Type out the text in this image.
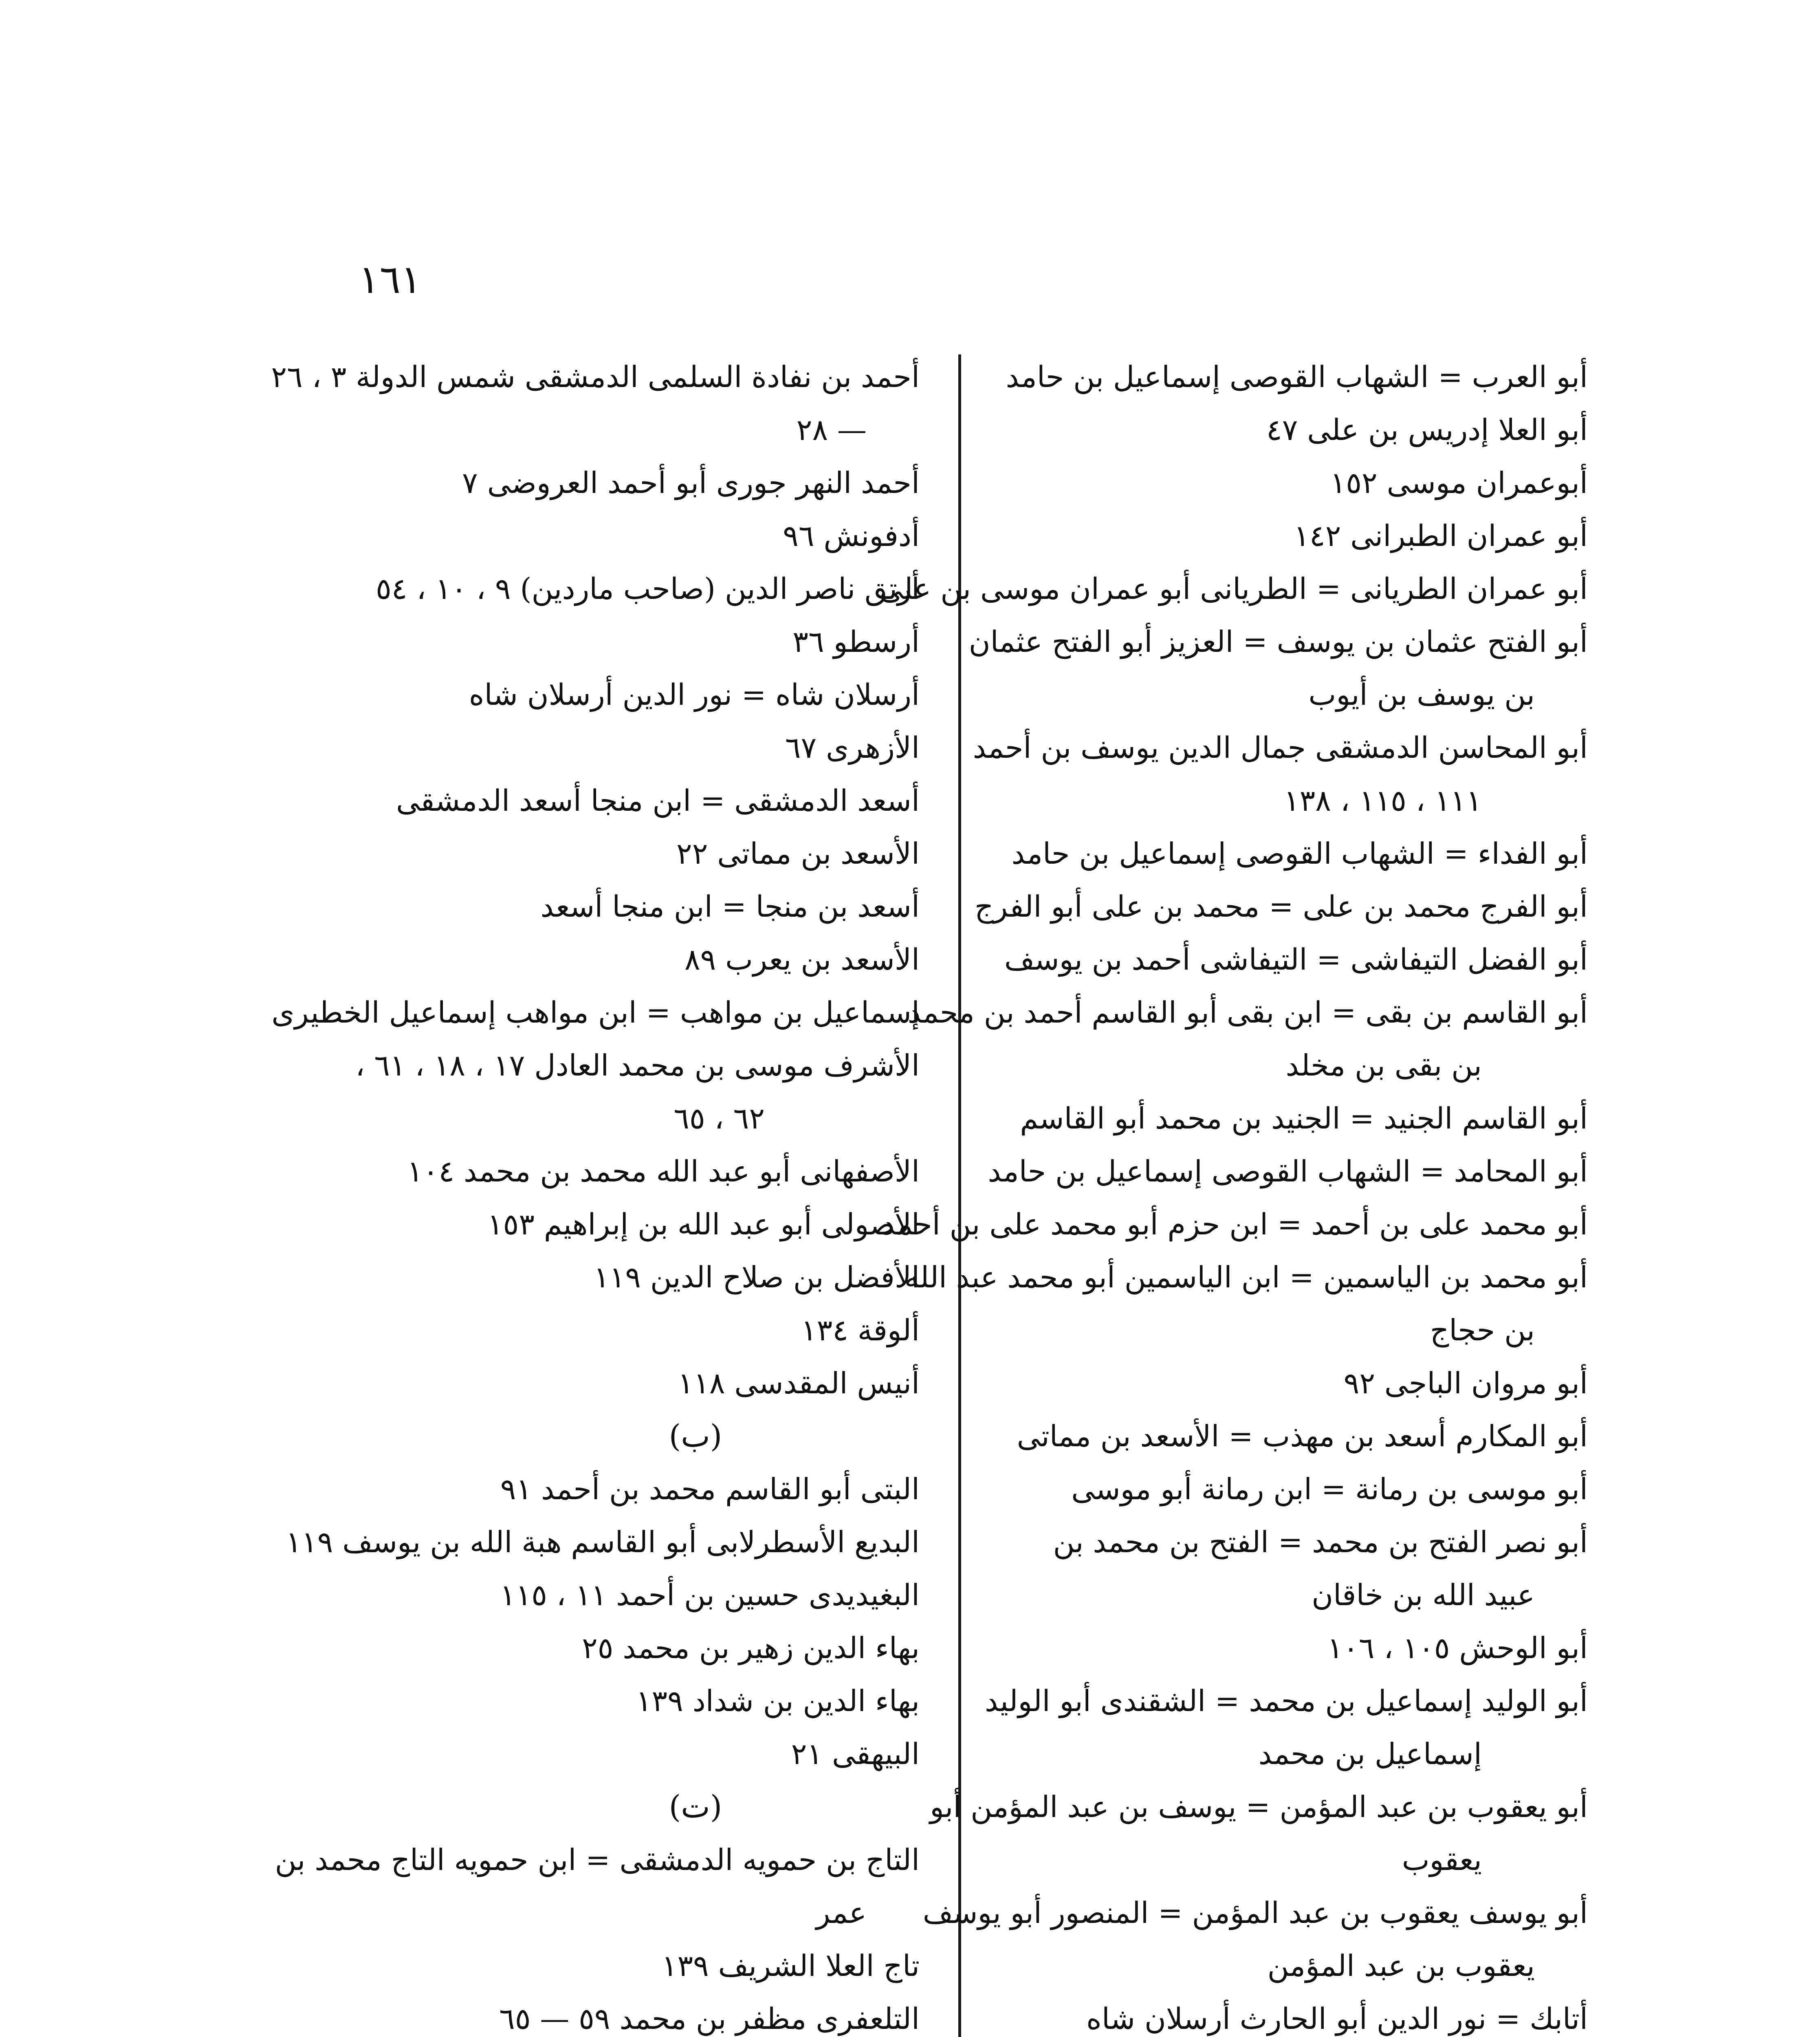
١٦١
أبو العرب = الشهاب القوصى إسماعيل بن حامد
أبو العلا إدريس بن على ٤٧
أبوعمران موسى ١٥٢
أبو عمران الطبرانى ١٤٢
أبو عمران الطريانى = الطريانى أبو عمران موسى بن على
أبو الفتح عثمان بن يوسف = العزيز أبو الفتح عثمان
بن يوسف بن أيوب
أبو المحاسن الدمشقى جمال الدين يوسف بن أحمد
١١١ ، ١١٥ ، ١٣٨
أبو الفداء = الشهاب القوصى إسماعيل بن حامد
أبو الفرج محمد بن على = محمد بن على أبو الفرج
أبو الفضل التيفاشى = التيفاشى أحمد بن يوسف
أبو القاسم بن بقى = ابن بقى أبو القاسم أحمد بن محمد
بن بقى بن مخلد
أبو القاسم الجنيد = الجنيد بن محمد أبو القاسم
أبو المحامد = الشهاب القوصى إسماعيل بن حامد
أبو محمد على بن أحمد = ابن حزم أبو محمد على بن أحمد
أبو محمد بن الياسمين = ابن الياسمين أبو محمد عبد الله
بن حجاج
أبو مروان الباجى ٩٢
أبو المكارم أسعد بن مهذب = الأسعد بن مماتى
أبو موسى بن رمانة = ابن رمانة أبو موسى
أبو نصر الفتح بن محمد = الفتح بن محمد بن
عبيد الله بن خاقان
أبو الوحش ١٠٥ ، ١٠٦
أبو الوليد إسماعيل بن محمد = الشقندى أبو الوليد
إسماعيل بن محمد
أبو يعقوب بن عبد المؤمن = يوسف بن عبد المؤمن أبو
يعقوب
أبو يوسف يعقوب بن عبد المؤمن = المنصور أبو يوسف
يعقوب بن عبد المؤمن
أتابك = نور الدين أبو الحارث أرسلان شاه
أحمد بن نفادة السلمى الدمشقى شمس الدولة ٣ ، ٢٦
— ٢٨
أحمد النهر جورى أبو أحمد العروضى ٧
أدفونش ٩٦
أرتق ناصر الدين (صاحب ماردين) ٩ ، ١٠ ، ٥٤
أرسطو ٣٦
أرسلان شاه = نور الدين أرسلان شاه
الأزهرى ٦٧
أسعد الدمشقى = ابن منجا أسعد الدمشقى
الأسعد بن مماتى ٢٢
أسعد بن منجا = ابن منجا أسعد
الأسعد بن يعرب ٨٩
إسماعيل بن مواهب = ابن مواهب إسماعيل الخطيرى
الأشرف موسى بن محمد العادل ١٧ ، ١٨ ، ٦١ ،
٦٢ ، ٦٥
الأصفهانى أبو عبد الله محمد بن محمد ١٠٤
الأصولى أبو عبد الله بن إبراهيم ١٥٣
الأفضل بن صلاح الدين ١١٩
ألوقة ١٣٤
أنيس المقدسى ١١٨
(ب)
البتى أبو القاسم محمد بن أحمد ٩١
البديع الأسطرلابى أبو القاسم هبة الله بن يوسف ١١٩
البغيديدى حسين بن أحمد ١١ ، ١١٥
بهاء الدين زهير بن محمد ٢٥
بهاء الدين بن شداد ١٣٩
البيهقى ٢١
(ت)
التاج بن حمويه الدمشقى = ابن حمويه التاج محمد بن
عمر
تاج العلا الشريف ١٣٩
التلعفرى مظفر بن محمد ٥٩ — ٦٥
